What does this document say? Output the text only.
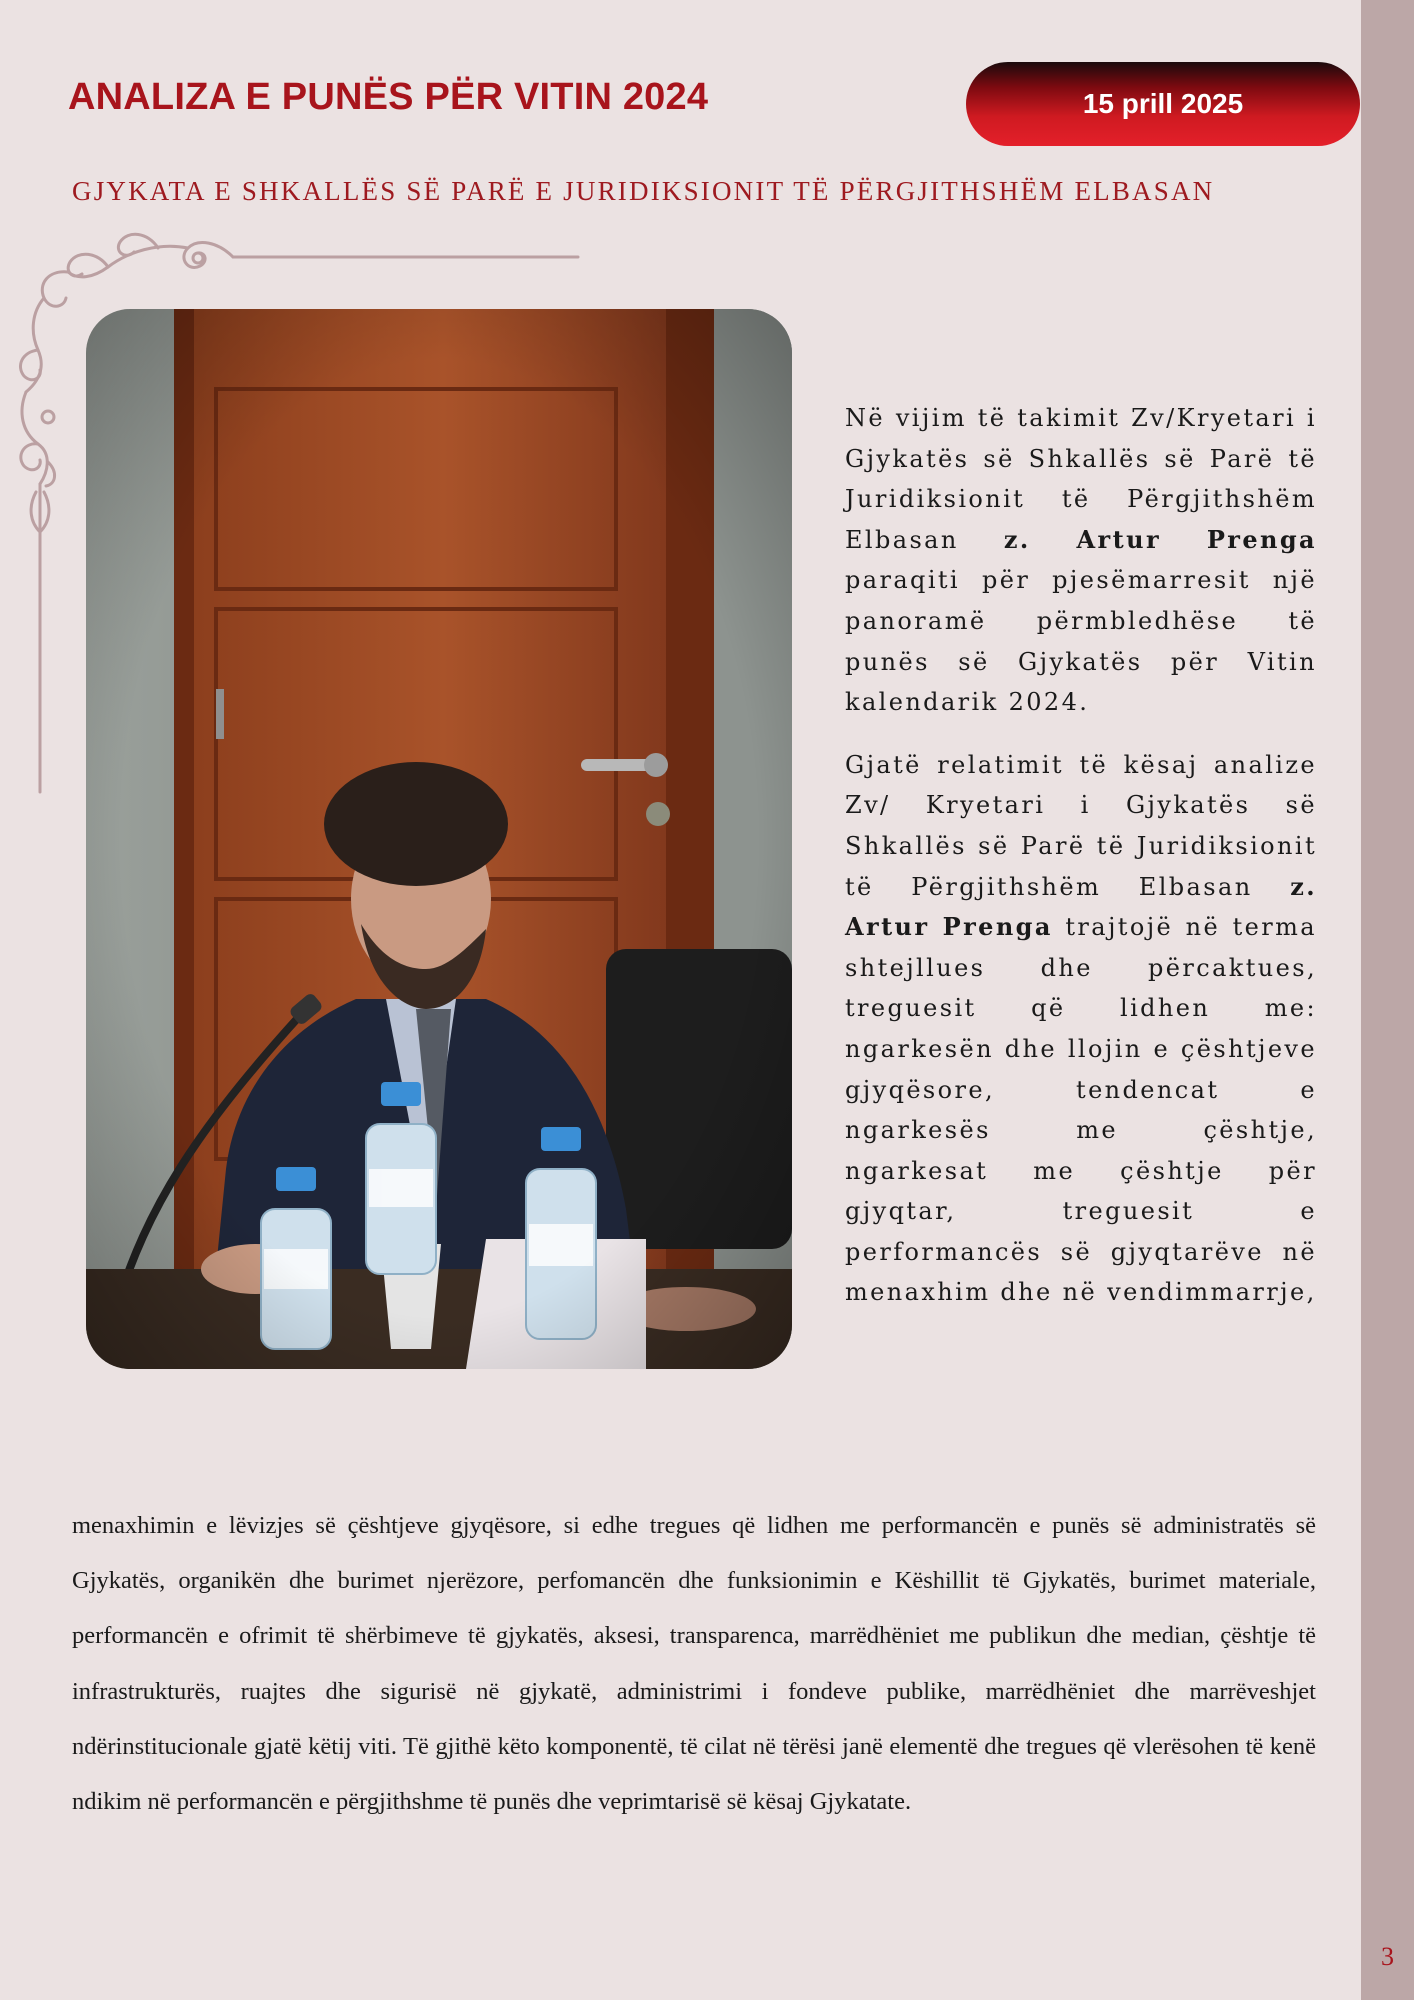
3
ANALIZA E PUNËS PËR VITIN 2024	15 prill 2025
GJYKATA E SHKALLËS SË PARË E JURIDIKSIONIT TË PËRGJITHSHËM ELBASAN

Në vijim të takimit Zv/Kryetari i Gjykatës së Shkallës së Parë të Juridiksionit të Përgjithshëm Elbasan z. Artur Prenga paraqiti për pjesëmarresit një panoramë përmbledhëse të punës së Gjykatës për Vitin kalendarik 2024.

Gjatë relatimit të kësaj analize Zv/ Kryetari i Gjykatës së Shkallës së Parë të Juridiksionit të Përgjithshëm Elbasan z. Artur Prenga trajtojë në terma shtejllues dhe përcaktues, treguesit që lidhen me: ngarkesën dhe llojin e çështjeve gjyqësore, tendencat e ngarkesës me çështje, ngarkesat me çështje për gjyqtar, treguesit e performancës së gjyqtarëve në menaxhim dhe në vendimmarrje,

menaxhimin e lëvizjes së çështjeve gjyqësore, si edhe tregues që lidhen me performancën e punës së administratës së Gjykatës, organikën dhe burimet njerëzore, perfomancën dhe funksionimin e Këshillit të Gjykatës, burimet materiale, performancën e ofrimit të shërbimeve të gjykatës, aksesi, transparenca, marrëdhëniet me publikun dhe median, çështje të infrastrukturës, ruajtes dhe sigurisë në gjykatë, administrimi i fondeve publike, marrëdhëniet dhe marrëveshjet ndërinstitucionale gjatë këtij viti. Të gjithë këto komponentë, të cilat në tërësi janë elementë dhe tregues që vlerësohen të kenë ndikim në performancën e përgjithshme të punës dhe veprimtarisë së kësaj Gjykatate.
